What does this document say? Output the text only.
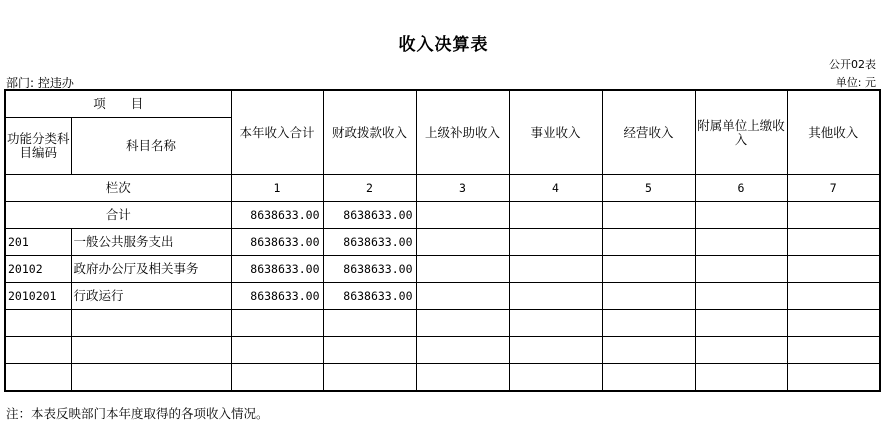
收入决算表
公开02表
部门: 控违办	单位: 元
项　　目		本年收入合计	财政拨款收入	上级补助收入	事业收入	经营收入	附属单位上缴收入	其他收入
功能分类科目编码	科目名称							
栏次		1	2	3	4	5	6	7
合计		8638633.00	8638633.00					
201	一般公共服务支出	8638633.00	8638633.00					
20102	政府办公厅及相关事务	8638633.00	8638633.00					
2010201	行政运行	8638633.00	8638633.00					

注：本表反映部门本年度取得的各项收入情况。
